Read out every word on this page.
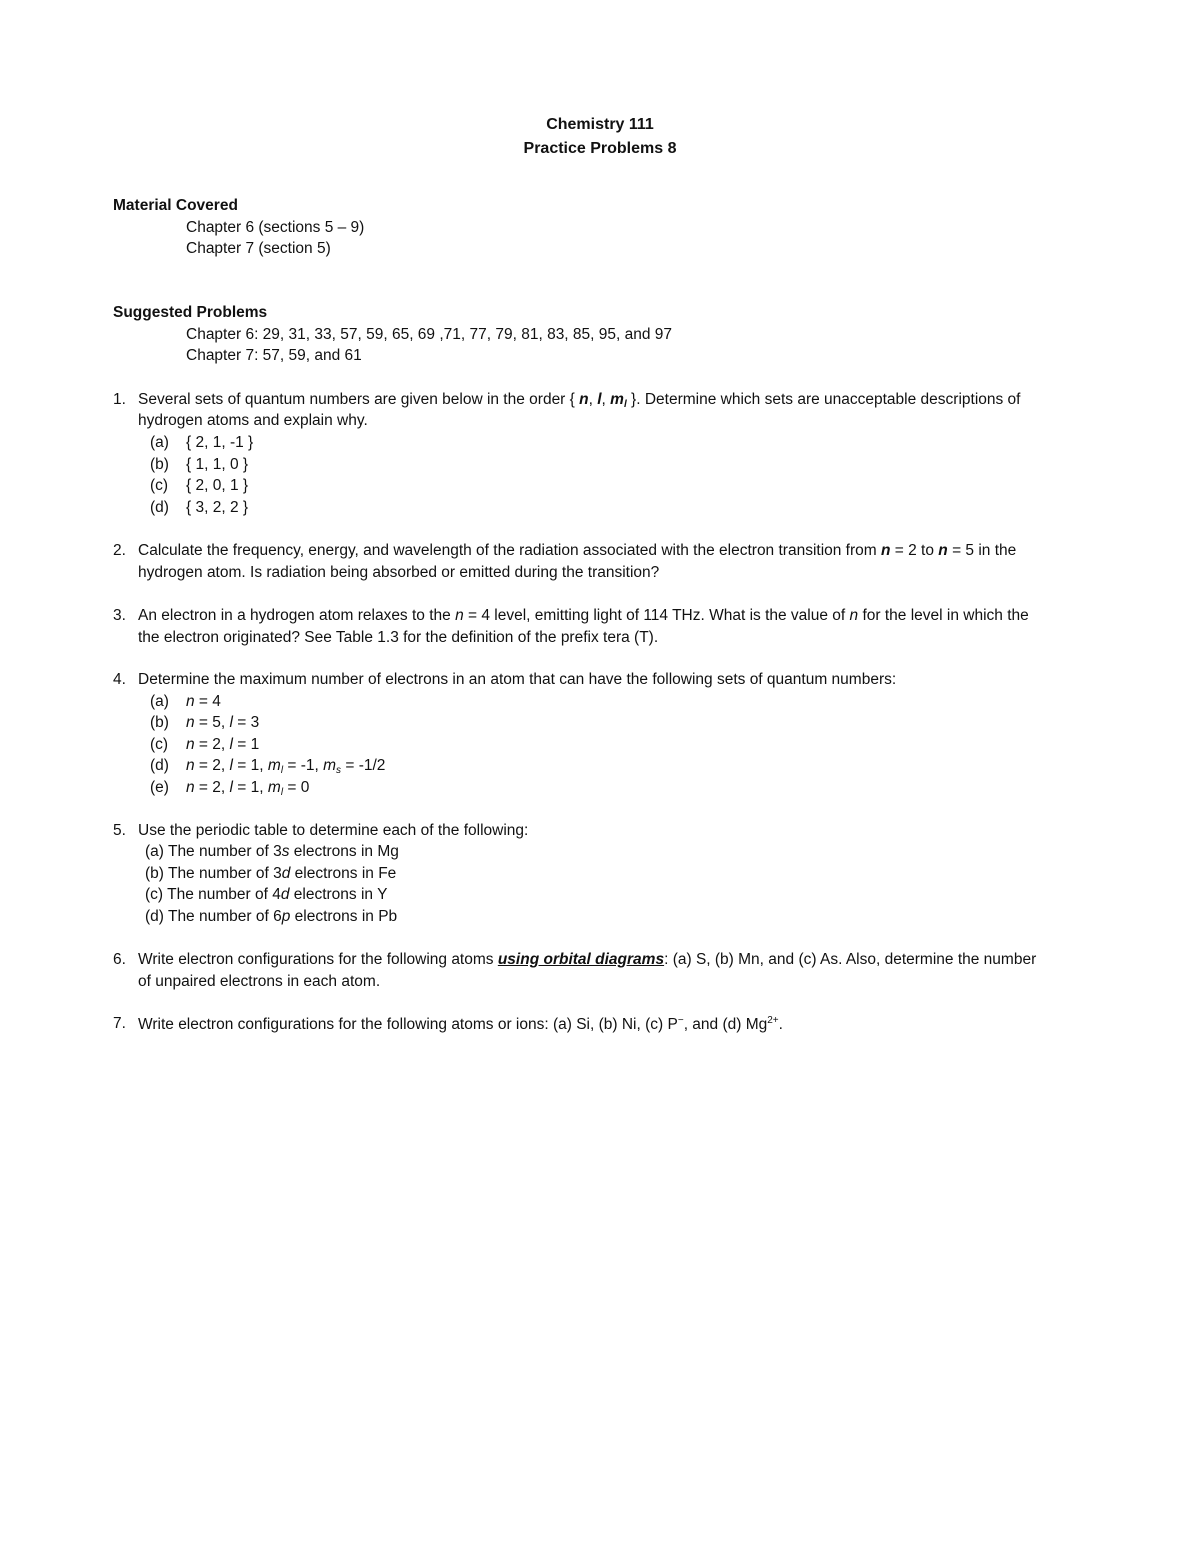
Chemistry 111
Practice Problems 8
Material Covered
Chapter 6 (sections 5 – 9)
Chapter 7 (section 5)
Suggested Problems
Chapter 6: 29, 31, 33, 57, 59, 65, 69 ,71, 77, 79, 81, 83, 85, 95, and 97
Chapter 7: 57, 59, and 61
1. Several sets of quantum numbers are given below in the order { n, l, $m_l$ }. Determine which sets are unacceptable descriptions of
hydrogen atoms and explain why.
(a) { 2, 1, -1 }
(b) { 1, 1, 0 }
(c) { 2, 0, 1 }
(d) { 3, 2, 2 }
2. Calculate the frequency, energy, and wavelength of the radiation associated with the electron transition from n = 2 to n = 5 in the
hydrogen atom. Is radiation being absorbed or emitted during the transition?
3. An electron in a hydrogen atom relaxes to the n = 4 level, emitting light of 114 THz. What is the value of n for the level in which the
the electron originated? See Table 1.3 for the definition of the prefix tera (T).
4. Determine the maximum number of electrons in an atom that can have the following sets of quantum numbers:
(a) n = 4
(b) n = 5, l = 3
(c) n = 2, l = 1
(d) n = 2, l = 1, $m_l = -1$, $m_s = -1/2$
(e) n = 2, l = 1, $m_l = 0$
5. Use the periodic table to determine each of the following:
(a) The number of 3s electrons in Mg
(b) The number of 3d electrons in Fe
(c) The number of 4d electrons in Y
(d) The number of 6p electrons in Pb
6. Write electron configurations for the following atoms using orbital diagrams: (a) S, (b) Mn, and (c) As. Also, determine the number
of unpaired electrons in each atom.
7. Write electron configurations for the following atoms or ions: (a) Si, (b) Ni, (c) P−, and (d) $Mg^{2+}$.
